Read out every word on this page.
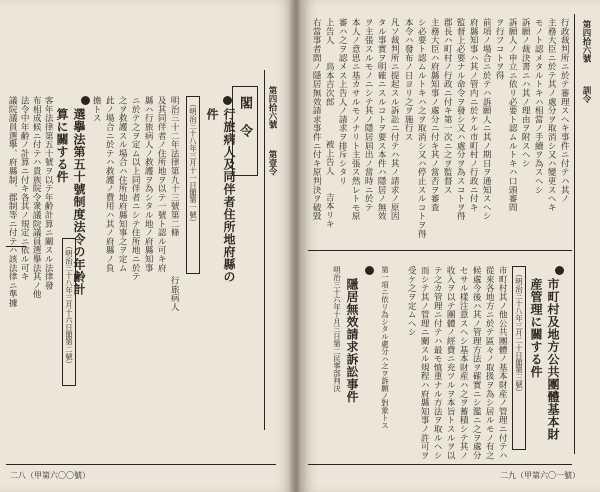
第四拾六號
第壹令
閣　令
行旅病人及同伴者住所地府縣の件
（明治三十八年三月十一日閣第一號）
明治三十二年法律第九十三號第二條
行旅病人
及其同伴者ノ住所地ヲ以テ一號ト認ル可キ府
縣ハ行旅病人ノ救護ヲ為シタル地ノ府縣知事
ニ於テ之ヲ定ム以上同伴者ニシテ住所地ニ於テ
之ヲ救護スル場合ハ住所地府縣知事之ヲ定ム
此ノ場合ニ於テハ救護ノ費用ハ其ノ府縣ノ負
擔トス
選擧法第五十號制度法令の年齢計算に關する件
（明治三十八年三月十六日閣第二號）
客年法律第五十號ヲ以テ年齢計算ニ關スル法律發
布相成候ニ付テハ貴族院令衆議院議員選擧法其ノ他
法令中年齢ノ計算ニ付キ各其ノ規定ニ依ル可キ
議院議員選擧、府縣制、郡制等ニ付テハ該法律ニ準據
二八（甲第六〇〇號）
第四拾六號
訓令
行政裁判所ニ於テ審理スヘキ事件ニ付テハ其ノ
主務大臣ニ於テ其ノ處分ヲ取消シ又ハ變更スヘキ
モノト認メタルトキハ相當ノ手續ヲ為スヘシ
訴願ノ裁決書ニハ其ノ理由ヲ附スヘシ
訴願人ノ申立ニ依リ必要ト認ムルトキハ口頭審問
ヲ行フコトヲ得
前項ノ場合ニ於テハ訴願人ニ其ノ期日ヲ通知スヘシ
府縣知事ハ其ノ管内ニ於ケル市町村ノ行政ニ付キ
監督上必要ナル命令ヲ發シ又ハ處分ヲ為スコトヲ得
郡長ハ町村ノ行政ニ付キ第一次ニ之ヲ監督ス
主務大臣ハ府縣知事ノ處分ニ付キ其ノ當否ヲ審査
シ必要ト認ムルトキハ之ヲ取消シ又ハ停止スルコトヲ得
本令ハ發布ノ日ヨリ之ヲ施行ス
隱居無效請求訴訟事件
明治三十六年十月三日第二民事部判決
凡ソ裁判所ニ提起スル訴訟ニ付テハ其ノ請求ノ原因
タル事實ヲ明確ニスルコトヲ要ス本件ハ隱居ノ無效
ヲ主張スルモノニシテ其ノ隱居屆出ノ當時ニ於テ
本人ノ意思ニ基カサルモノナリト主張ス然レトモ原
審ハ之ヲ認メス上告人ノ請求ヲ排斥シタリ
上告人　　鳥本吉次郎
被上告人　　吉本リキ
右當事者間ノ隱居無效請求事件ニ付キ原判決ヲ破毀
市町村及地方公共團體基本財産管理に關する件
（明治三十八年三月二十日閣第三號）
市町村其ノ他公共團體ノ基本財産ノ管理ニ付テハ
從來各地方ニ於テ區々ノ取扱ヲ為シ居ルモノ有之
候處今後ハ其ノ管理方法ヲ確實ニシ濫ニ之ヲ處分
セサル樣注意スヘシ基本財産ハ之ヲ蓄積シテ其ノ
收入ヲ以テ團體ノ經費ニ充ツルヲ本旨トスルヲ以
テ之カ管理ニ付テハ最モ慎重ナル方法ヲ取ルヘシ
而シテ其ノ管理ニ關スル規程ハ府縣知事ノ許可ヲ
受ケ之ヲ定ムヘシ
第一項ニ依リ為シタル處分ハ之ヲ訴願ノ對象トス
二九（甲第六〇一號）
